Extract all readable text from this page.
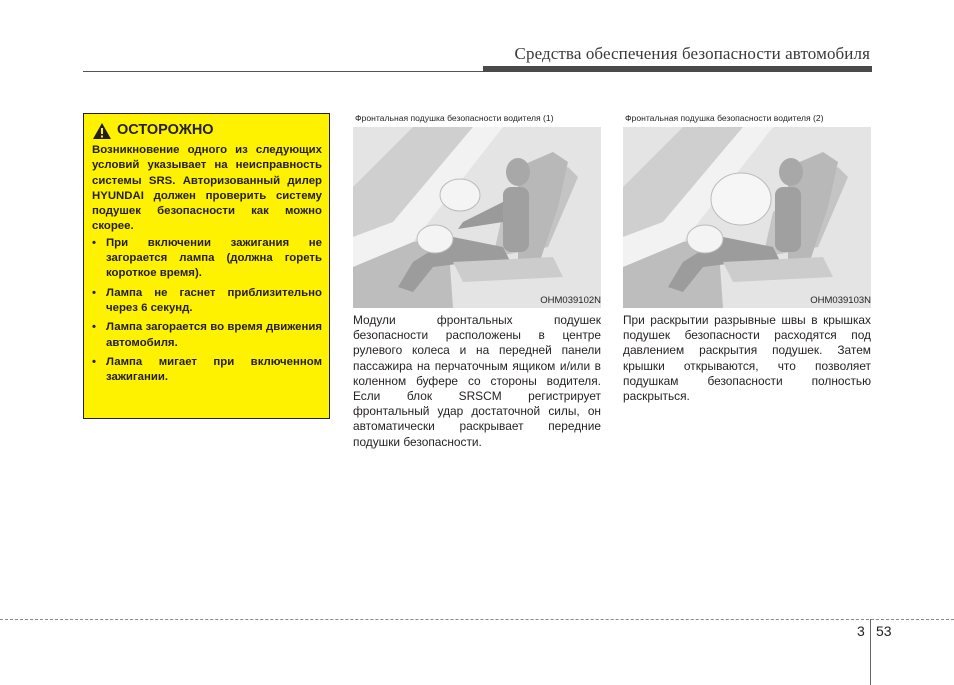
Средства обеспечения безопасности автомобиля
ОСТОРОЖНО

Возникновение одного из следующих условий указывает на неисправность системы SRS. Авторизованный дилер HYUNDAI должен проверить систему подушек безопасности как можно скорее.

• При включении зажигания не загорается лампа (должна гореть короткое время).
• Лампа не гаснет приблизительно через 6 секунд.
• Лампа загорается во время движения автомобиля.
• Лампа мигает при включенном зажигании.
Фронтальная подушка безопасности водителя (1)
OHM039102N
Модули фронтальных подушек безопасности расположены в центре рулевого колеса и на передней панели пассажира на перчаточным ящиком и/или в коленном буфере со стороны водителя. Если блок SRSCM регистрирует фронтальный удар достаточной силы, он автоматически раскрывает передние подушки безопасности.
Фронтальная подушка безопасности водителя (2)
OHM039103N
При раскрытии разрывные швы в крышках подушек безопасности расходятся под давлением раскрытия подушек. Затем крышки открываются, что позволяет подушкам безопасности полностью раскрыться.
3 53
